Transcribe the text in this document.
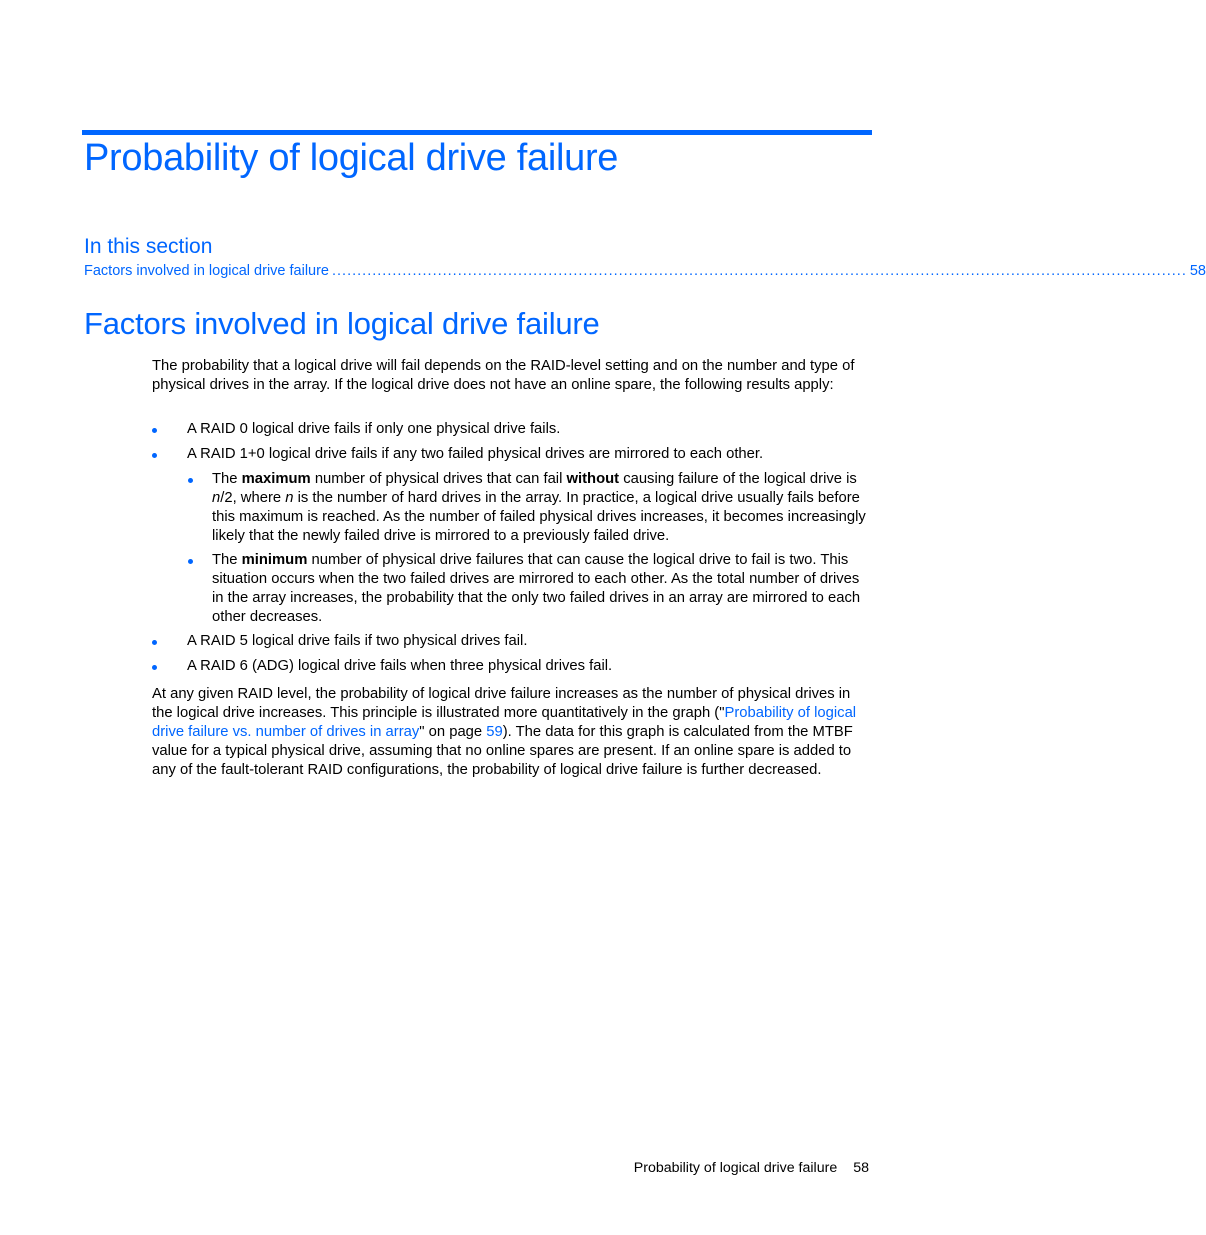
Probability of logical drive failure
In this section
Factors involved in logical drive failure .......................................................................................................................................................................... 58
Factors involved in logical drive failure

The probability that a logical drive will fail depends on the RAID-level setting and on the number and type of physical drives in the array. If the logical drive does not have an online spare, the following results apply:

A RAID 0 logical drive fails if only one physical drive fails.
A RAID 1+0 logical drive fails if any two failed physical drives are mirrored to each other.
The maximum number of physical drives that can fail without causing failure of the logical drive is n/2, where n is the number of hard drives in the array. In practice, a logical drive usually fails before this maximum is reached. As the number of failed physical drives increases, it becomes increasingly likely that the newly failed drive is mirrored to a previously failed drive.
The minimum number of physical drive failures that can cause the logical drive to fail is two. This situation occurs when the two failed drives are mirrored to each other. As the total number of drives in the array increases, the probability that the only two failed drives in an array are mirrored to each other decreases.
A RAID 5 logical drive fails if two physical drives fail.
A RAID 6 (ADG) logical drive fails when three physical drives fail.

At any given RAID level, the probability of logical drive failure increases as the number of physical drives in the logical drive increases. This principle is illustrated more quantitatively in the graph ("Probability of logical drive failure vs. number of drives in array" on page 59). The data for this graph is calculated from the MTBF value for a typical physical drive, assuming that no online spares are present. If an online spare is added to any of the fault-tolerant RAID configurations, the probability of logical drive failure is further decreased.

Probability of logical drive failure 58
